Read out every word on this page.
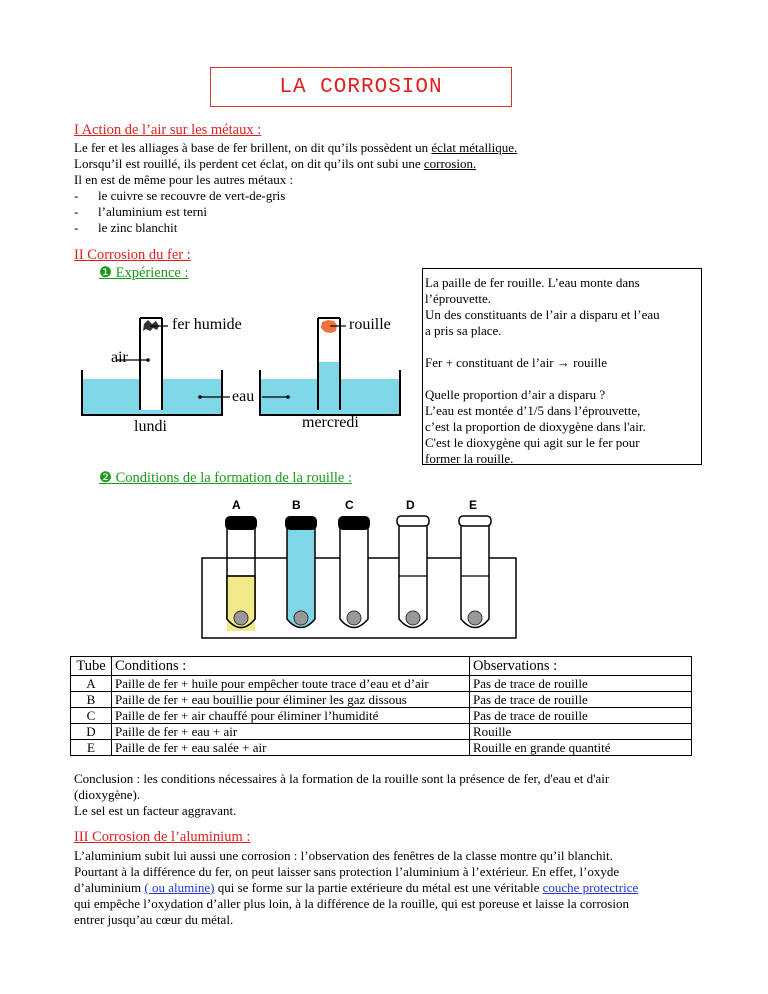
LA CORROSION
I Action de l’air sur les métaux :
Le fer et les alliages à base de fer brillent, on dit qu’ils possèdent un éclat métallique.
Lorsqu’il est rouillé, ils perdent cet éclat, on dit qu’ils ont subi une corrosion.
Il en est de même pour les autres métaux :
- le cuivre se recouvre de vert-de-gris
- l’aluminium est terni
- le zinc blanchit
II Corrosion du fer :
❶ Expérience :
fer humide	rouille
air
eau
lundi	mercredi

La paille de fer rouille. L’eau monte dans

l’éprouvette.

Un des constituants de l’air a disparu et l’eau

a pris sa place.

Fer + constituant de l’air → rouille

Quelle proportion d’air a disparu ?

L’eau est montée d’1/5 dans l’éprouvette,

c’est la proportion de dioxygène dans l'air.

C'est le dioxygène qui agit sur le fer pour

former la rouille.

❷ Conditions de la formation de la rouille :
A	B	C	D	E
Tube	Conditions :	Observations :
A	Paille de fer + huile pour empêcher toute trace d’eau et d’air	Pas de trace de rouille
B	Paille de fer + eau bouillie pour éliminer les gaz dissous	Pas de trace de rouille
C	Paille de fer + air chauffé pour éliminer l’humidité	Pas de trace de rouille
D	Paille de fer + eau + air	Rouille
E	Paille de fer + eau salée + air	Rouille en grande quantité
Conclusion : les conditions nécessaires à la formation de la rouille sont la présence de fer, d'eau et d'air
(dioxygène).
Le sel est un facteur aggravant.
III Corrosion de l’aluminium :
L’aluminium subit lui aussi une corrosion : l’observation des fenêtres de la classe montre qu’il blanchit.
Pourtant à la différence du fer, on peut laisser sans protection l’aluminium à l’extérieur. En effet, l’oxyde
d’aluminium ( ou alumine) qui se forme sur la partie extérieure du métal est une véritable couche protectrice
qui empêche l’oxydation d’aller plus loin, à la différence de la rouille, qui est poreuse et laisse la corrosion
entrer jusqu’au cœur du métal.
